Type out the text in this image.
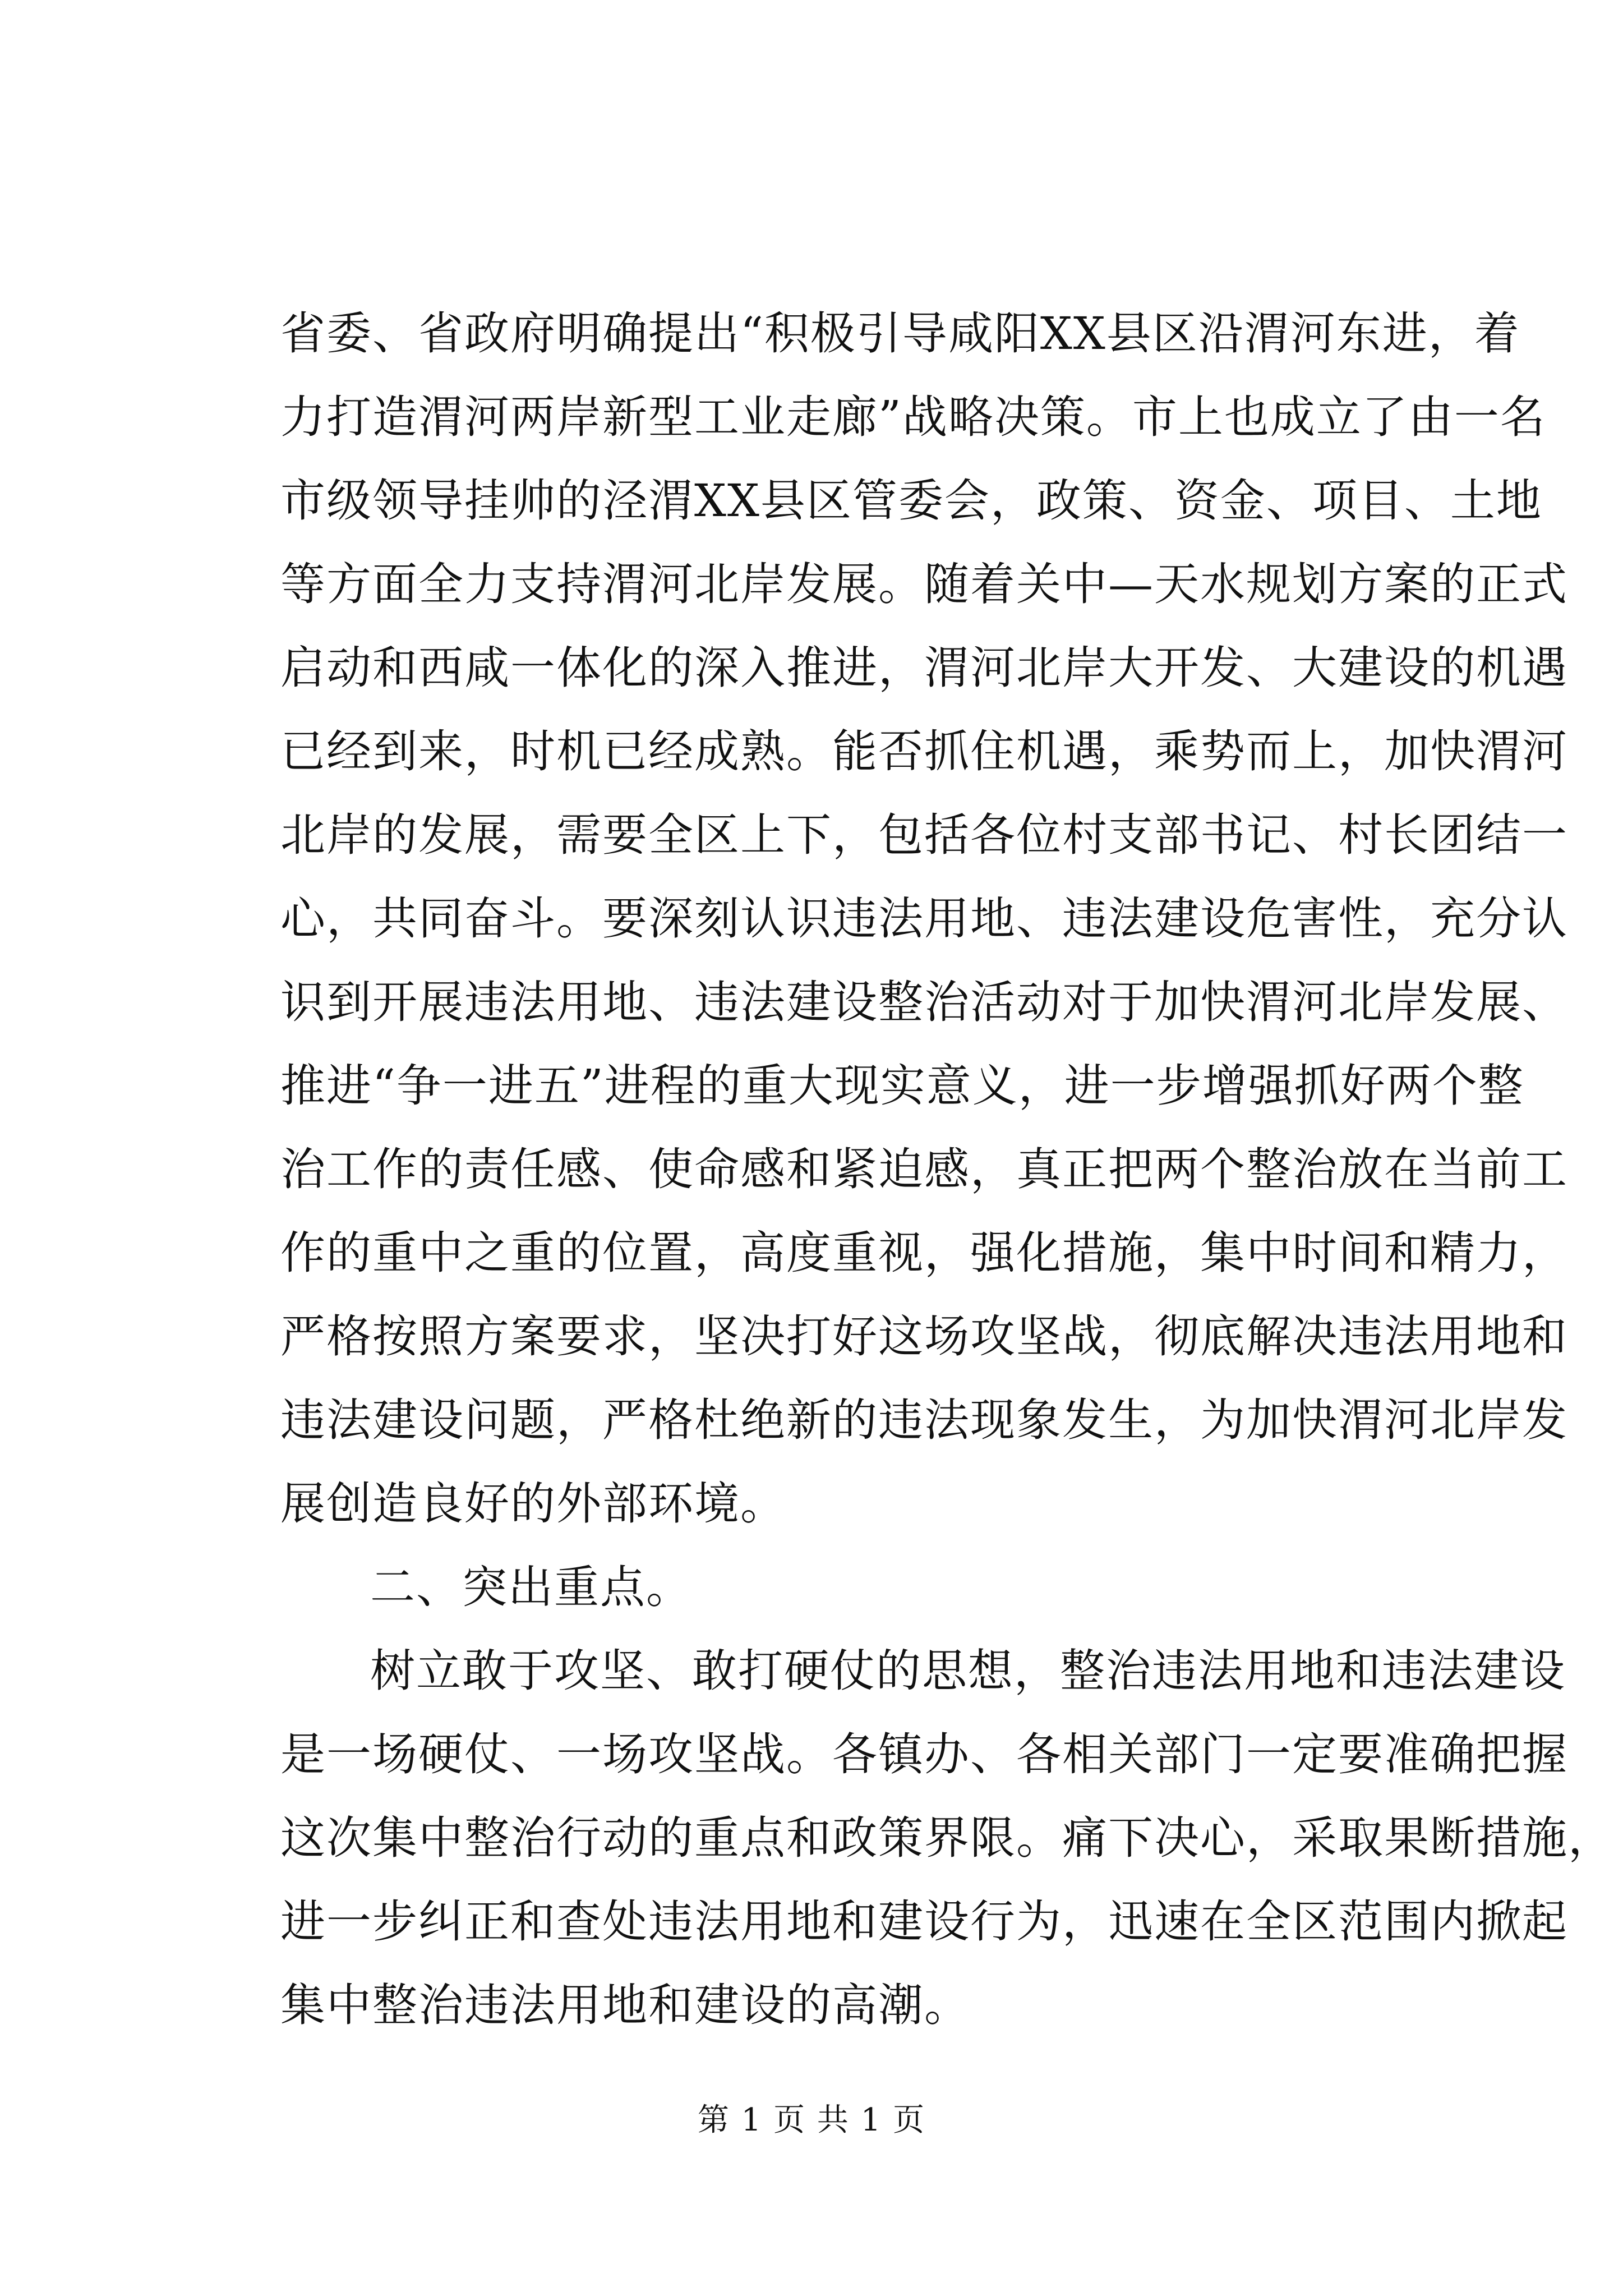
省委、省政府明确提出“积极引导咸阳XX县区沿渭河东进，着
力打造渭河两岸新型工业走廊”战略决策。市上也成立了由一名
市级领导挂帅的泾渭XX县区管委会，政策、资金、项目、土地
等方面全力支持渭河北岸发展。随着关中—天水规划方案的正式
启动和西咸一体化的深入推进，渭河北岸大开发、大建设的机遇
已经到来，时机已经成熟。能否抓住机遇，乘势而上，加快渭河
北岸的发展，需要全区上下，包括各位村支部书记、村长团结一
心，共同奋斗。要深刻认识违法用地、违法建设危害性，充分认
识到开展违法用地、违法建设整治活动对于加快渭河北岸发展、
推进“争一进五”进程的重大现实意义，进一步增强抓好两个整
治工作的责任感、使命感和紧迫感，真正把两个整治放在当前工
作的重中之重的位置，高度重视，强化措施，集中时间和精力，
严格按照方案要求，坚决打好这场攻坚战，彻底解决违法用地和
违法建设问题，严格杜绝新的违法现象发生，为加快渭河北岸发
展创造良好的外部环境。
二、突出重点。
树立敢于攻坚、敢打硬仗的思想，整治违法用地和违法建设
是一场硬仗、一场攻坚战。各镇办、各相关部门一定要准确把握
这次集中整治行动的重点和政策界限。痛下决心，采取果断措施，
进一步纠正和查处违法用地和建设行为，迅速在全区范围内掀起
集中整治违法用地和建设的高潮。
第 1 页 共 1 页
